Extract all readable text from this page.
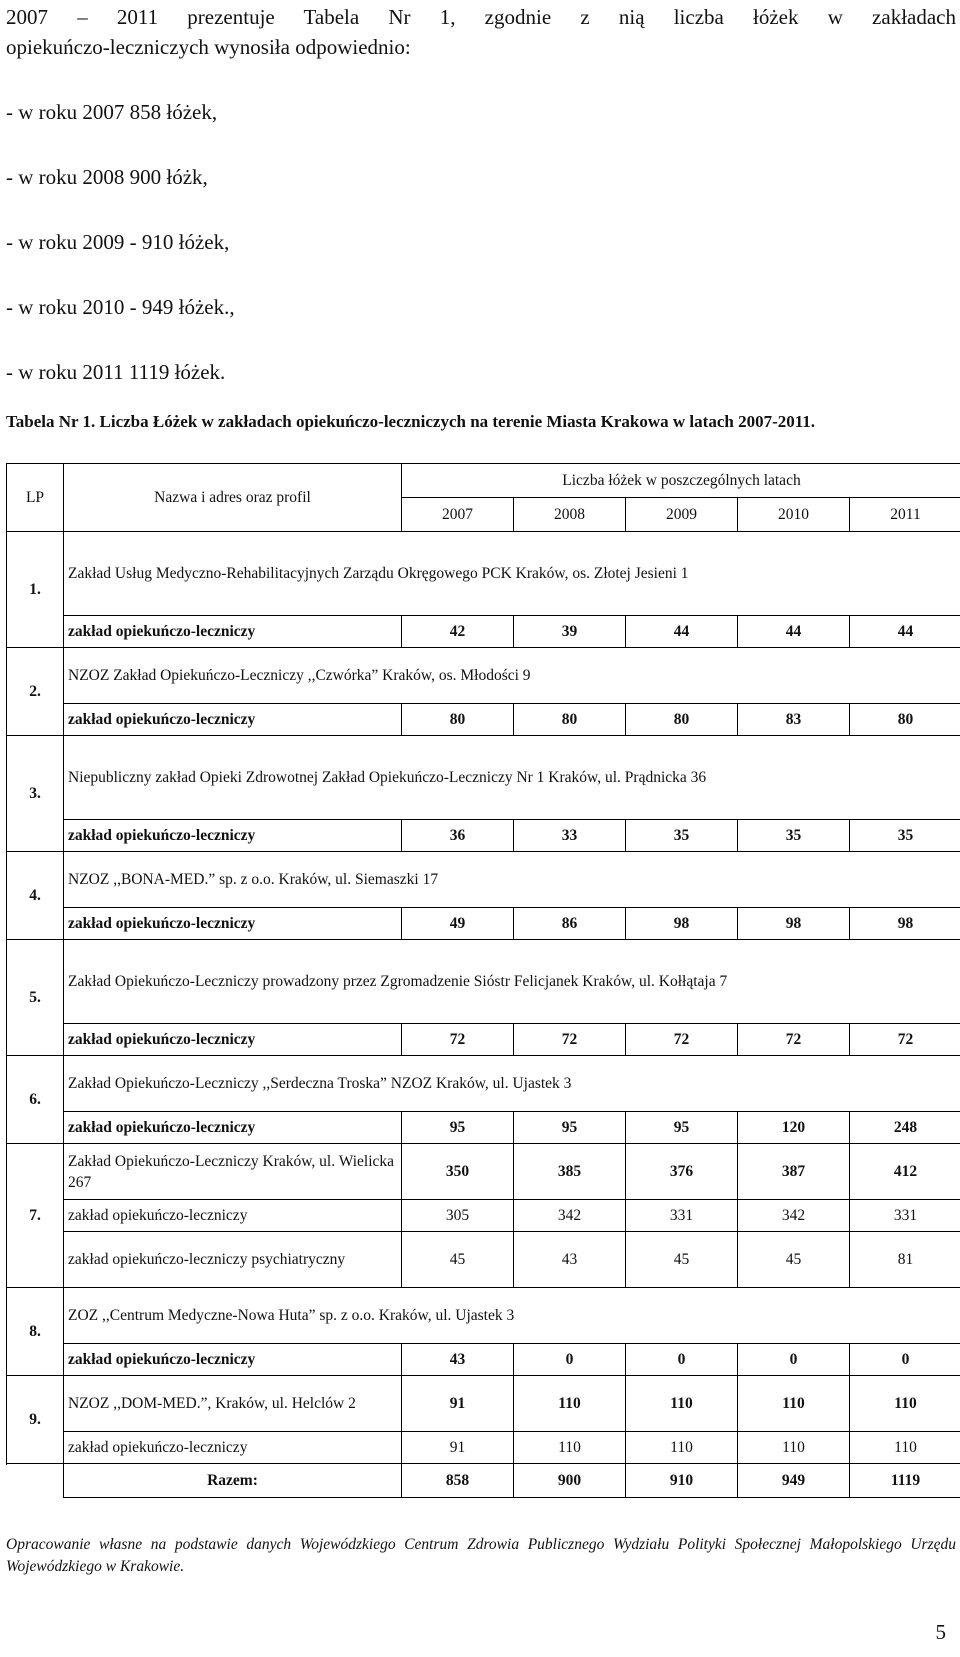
2007 – 2011 prezentuje Tabela Nr 1, zgodnie z nią liczba łóżek w zakładach

opiekuńczo-leczniczych wynosiła odpowiednio:

- w roku 2007 858 łóżek,

- w roku 2008 900 łóżk,

- w roku 2009 - 910 łóżek,

- w roku 2010 - 949 łóżek.,

- w roku 2011 1119 łóżek.

Tabela Nr 1. Liczba Łóżek w zakładach opiekuńczo-leczniczych na terenie Miasta Krakowa w latach 2007-2011.
LP	Nazwa i adres oraz profil	Liczba łóżek w poszczególnych latach				
		2007	2008	2009	2010	2011
1.	Zakład Usług Medyczno-Rehabilitacyjnych Zarządu Okręgowego PCK Kraków, os. Złotej Jesieni 1					
	zakład opiekuńczo-leczniczy	42	39	44	44	44

2.	NZOZ Zakład Opiekuńczo-Leczniczy ,,Czwórka” Kraków, os. Młodości 9					
	zakład opiekuńczo-leczniczy	80	80	80	83	80

3.	Niepubliczny zakład Opieki Zdrowotnej Zakład Opiekuńczo-Leczniczy Nr 1 Kraków, ul. Prądnicka 36					
	zakład opiekuńczo-leczniczy	36	33	35	35	35

4.	NZOZ ,,BONA-MED.” sp. z o.o. Kraków, ul. Siemaszki 17					
	zakład opiekuńczo-leczniczy	49	86	98	98	98

5.	Zakład Opiekuńczo-Leczniczy prowadzony przez Zgromadzenie Sióstr Felicjanek Kraków, ul. Kołłątaja 7					
	zakład opiekuńczo-leczniczy	72	72	72	72	72

6.	Zakład Opiekuńczo-Leczniczy ,,Serdeczna Troska” NZOZ Kraków, ul. Ujastek 3					
	zakład opiekuńczo-leczniczy	95	95	95	120	248

7.	Zakład Opiekuńczo-Leczniczy Kraków, ul. Wielicka 267	350	385	376	387	412
	zakład opiekuńczo-leczniczy	305	342	331	342	331
	zakład opiekuńczo-leczniczy psychiatryczny	45	43	45	45	81

8.	ZOZ ,,Centrum Medyczne-Nowa Huta” sp. z o.o. Kraków, ul. Ujastek 3					
	zakład opiekuńczo-leczniczy	43	0	0	0	0

9.	NZOZ ,,DOM-MED.”, Kraków, ul. Helclów 2	91	110	110	110	110
	zakład opiekuńczo-leczniczy	91	110	110	110	110

	Razem:	858	900	910	949	1119
Opracowanie własne na podstawie danych Wojewódzkiego Centrum Zdrowia Publicznego Wydziału Polityki Społecznej Małopolskiego Urzędu Wojewódzkiego w Krakowie.
5
